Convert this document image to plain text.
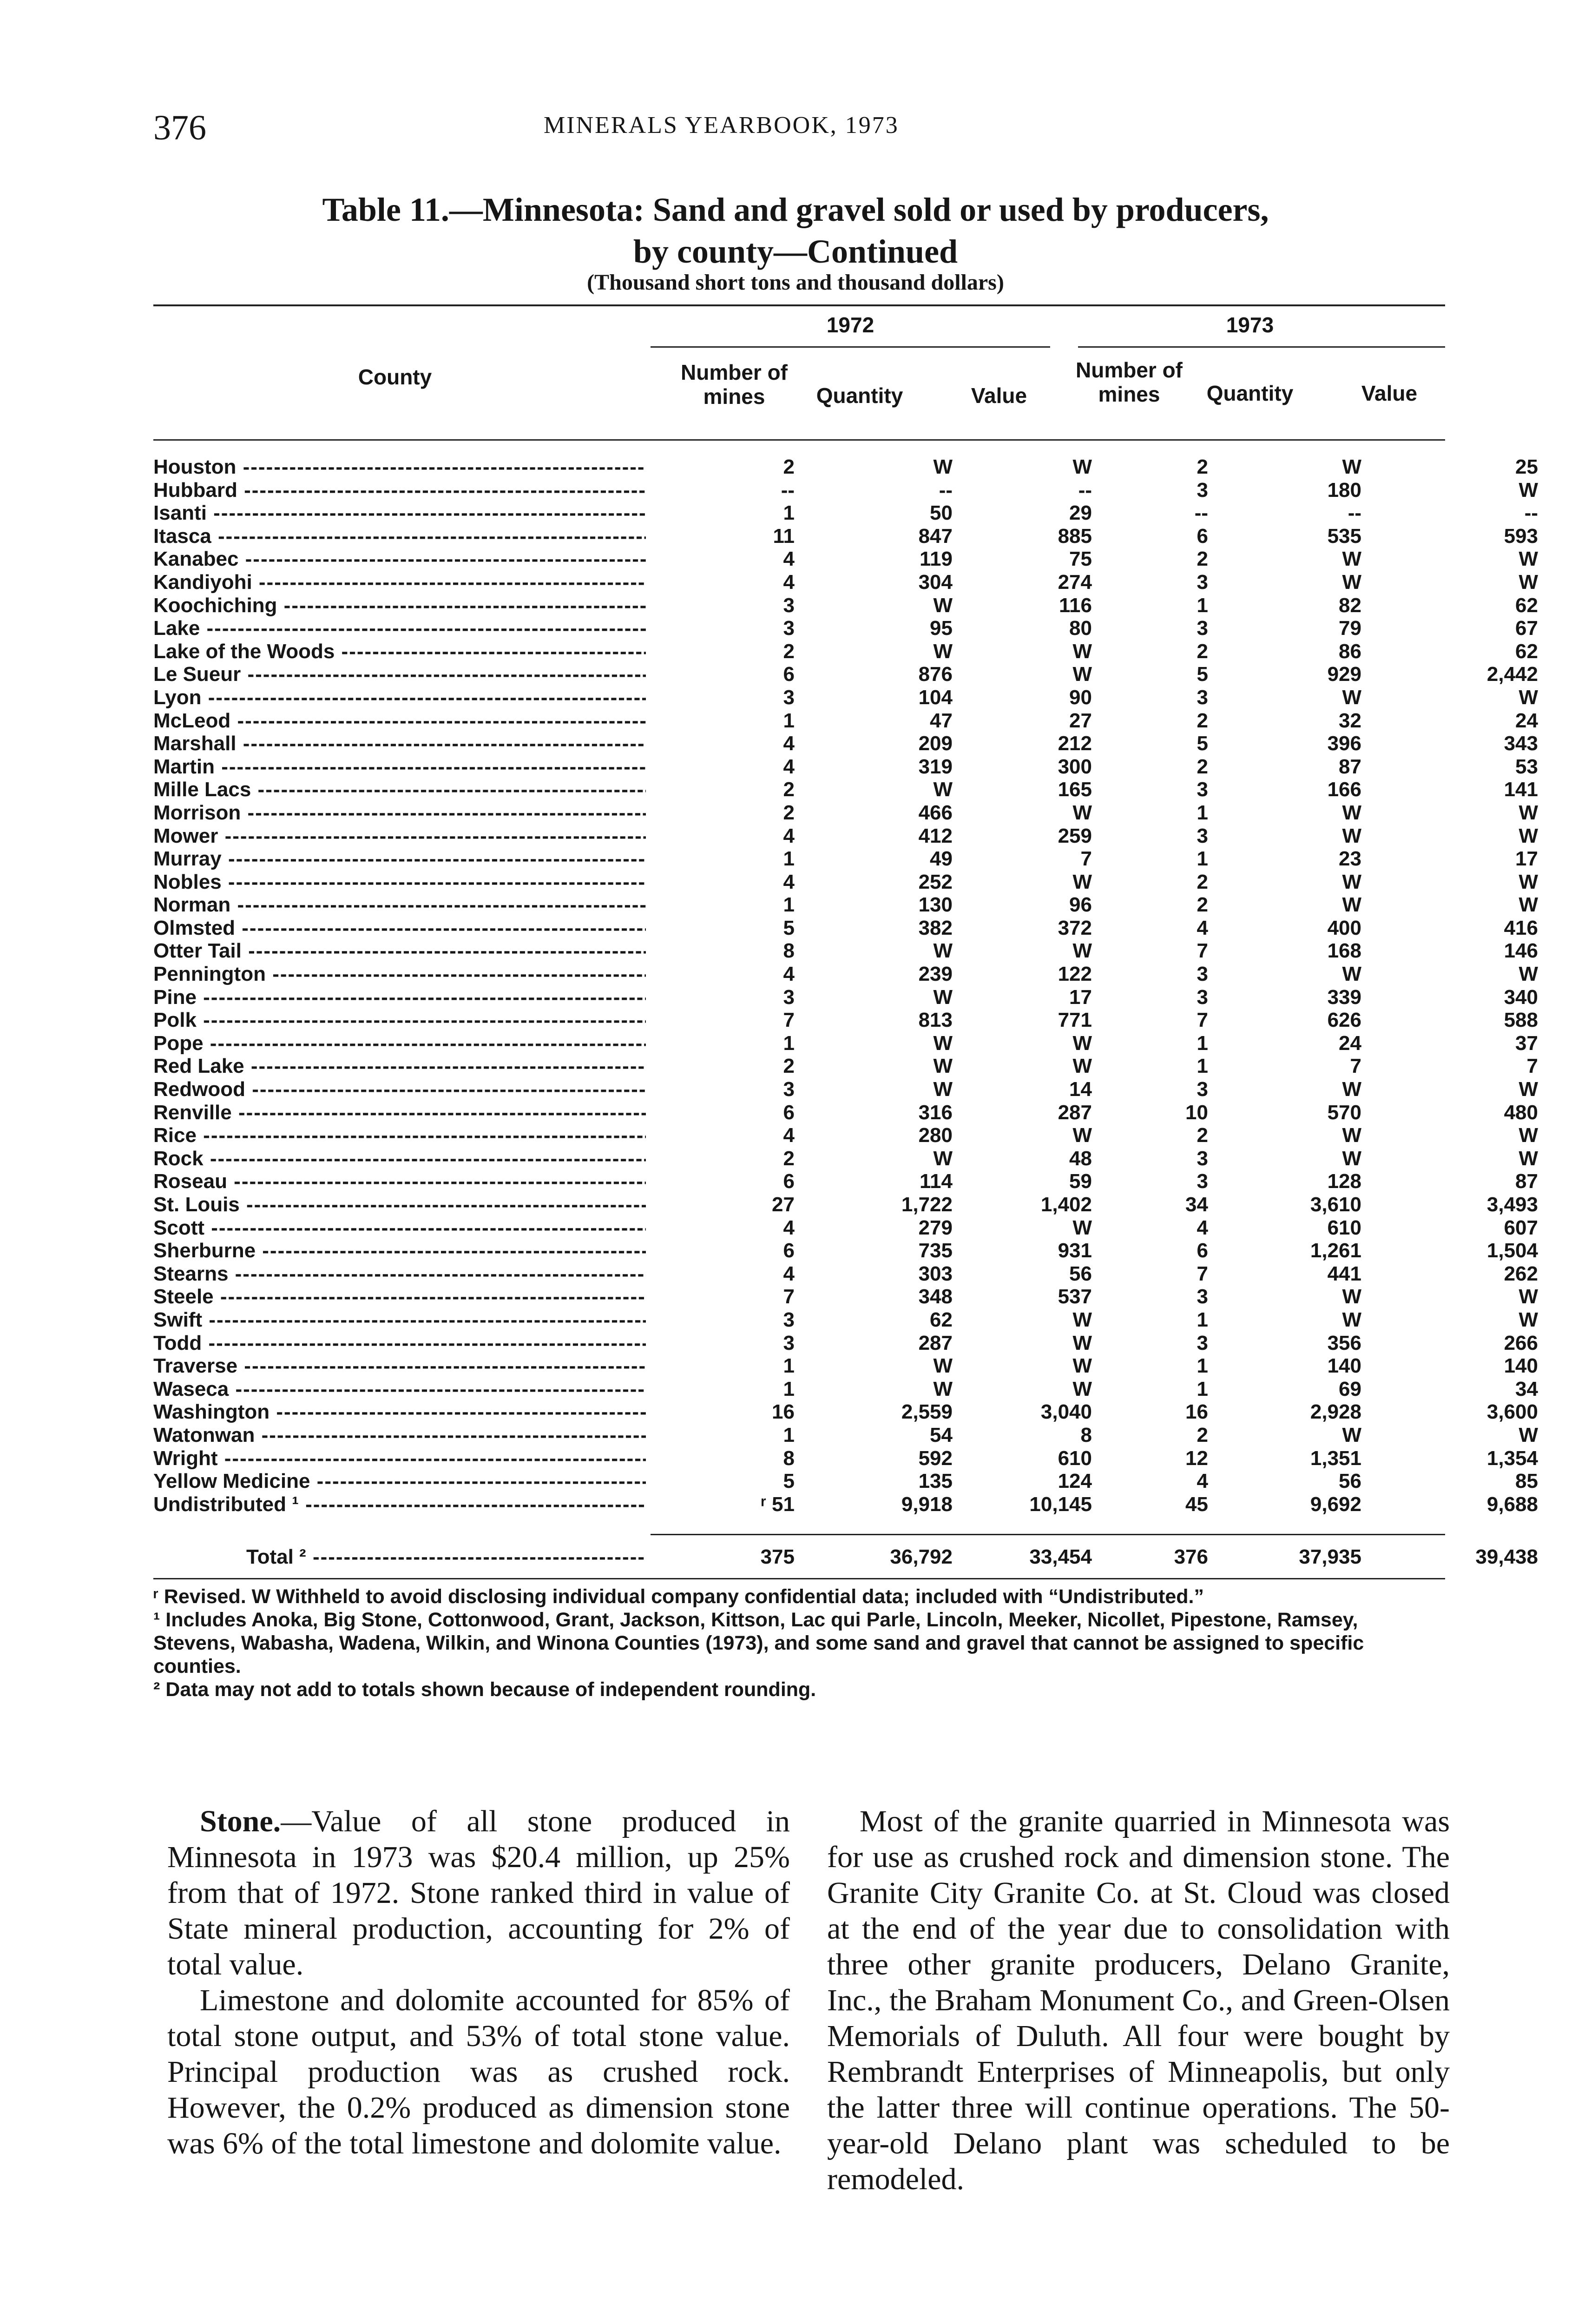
376	MINERALS YEARBOOK, 1973
Table 11.—Minnesota: Sand and gravel sold or used by producers,
by county—Continued
(Thousand short tons and thousand dollars)
1972	1973
County	Number of mines	Quantity	Value
Number of mines	Quantity	Value
Houston -----	2	W	W	2	W	25
Hubbard -----	--	--	--	3	180	W
Isanti -----	1	50	29	--	--	--
Itasca -----	11	847	885	6	535	593
Kanabec -----	4	119	75	2	W	W
Kandiyohi -----	4	304	274	3	W	W
Koochiching -----	3	W	116	1	82	62
Lake -----	3	95	80	3	79	67
Lake of the Woods -----	2	W	W	2	86	62
Le Sueur -----	6	876	W	5	929	2,442
Lyon -----	3	104	90	3	W	W
McLeod -----	1	47	27	2	32	24
Marshall -----	4	209	212	5	396	343
Martin -----	4	319	300	2	87	53
Mille Lacs -----	2	W	165	3	166	141
Morrison -----	2	466	W	1	W	W
Mower -----	4	412	259	3	W	W
Murray -----	1	49	7	1	23	17
Nobles -----	4	252	W	2	W	W
Norman -----	1	130	96	2	W	W
Olmsted -----	5	382	372	4	400	416
Otter Tail -----	8	W	W	7	168	146
Pennington -----	4	239	122	3	W	W
Pine -----	3	W	17	3	339	340
Polk -----	7	813	771	7	626	588
Pope -----	1	W	W	1	24	37
Red Lake -----	2	W	W	1	7	7
Redwood -----	3	W	14	3	W	W
Renville -----	6	316	287	10	570	480
Rice -----	4	280	W	2	W	W
Rock -----	2	W	48	3	W	W
Roseau -----	6	114	59	3	128	87
St. Louis -----	27	1,722	1,402	34	3,610	3,493
Scott -----	4	279	W	4	610	607
Sherburne -----	6	735	931	6	1,261	1,504
Stearns -----	4	303	56	7	441	262
Steele -----	7	348	537	3	W	W
Swift -----	3	62	W	1	W	W
Todd -----	3	287	W	3	356	266
Traverse -----	1	W	W	1	140	140
Waseca -----	1	W	W	1	69	34
Washington -----	16	2,559	3,040	16	2,928	3,600
Watonwan -----	1	54	8	2	W	W
Wright -----	8	592	610	12	1,351	1,354
Yellow Medicine -----	5	135	124	4	56	85
Undistributed ¹ -----	ʳ 51	9,918	10,145	45	9,692	9,688
Total ² -----	375	36,792	33,454	376	37,935	39,438

ʳ Revised. W Withheld to avoid disclosing individual company confidential data; included with “Undistributed.”

¹ Includes Anoka, Big Stone, Cottonwood, Grant, Jackson, Kittson, Lac qui Parle, Lincoln, Meeker, Nicollet, Pipestone, Ramsey, Stevens, Wabasha, Wadena, Wilkin, and Winona Counties (1973), and some sand and gravel that cannot be assigned to specific counties.

² Data may not add to totals shown because of independent rounding.

Stone.—Value of all stone produced in Minnesota in 1973 was $20.4 million, up 25% from that of 1972. Stone ranked third in value of State mineral production, accounting for 2% of total value.

Limestone and dolomite accounted for 85% of total stone output, and 53% of total stone value. Principal production was as crushed rock. However, the 0.2% produced as dimension stone was 6% of the total limestone and dolomite value.

Most of the granite quarried in Minnesota was for use as crushed rock and dimension stone. The Granite City Granite Co. at St. Cloud was closed at the end of the year due to consolidation with three other granite producers, Delano Granite, Inc., the Braham Monument Co., and Green-Olsen Memorials of Duluth. All four were bought by Rembrandt Enterprises of Minneapolis, but only the latter three will continue operations. The 50-year-old Delano plant was scheduled to be remodeled.
